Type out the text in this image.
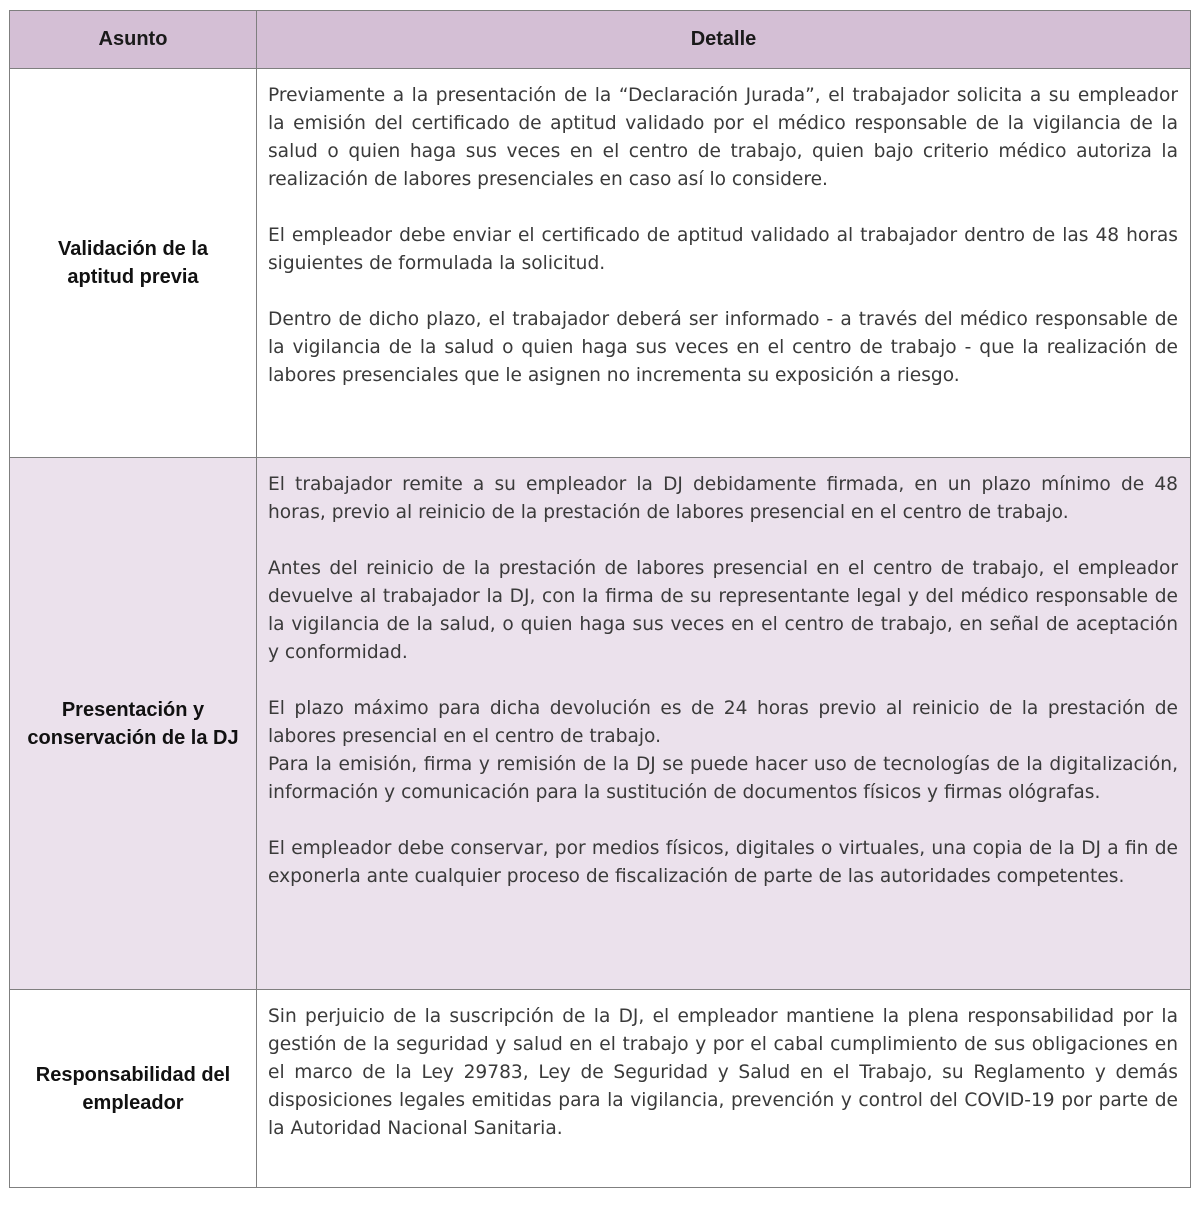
Asunto	Detalle
Validación de la aptitud previa	Previamente a la presentación de la “Declaración Jurada”, el trabajador solicita a su empleador la emisión del certificado de aptitud validado por el médico responsable de la vigilancia de la salud o quien haga sus veces en el centro de trabajo, quien bajo criterio médico autoriza la realización de labores presenciales en caso así lo considere.

El empleador debe enviar el certificado de aptitud validado al trabajador dentro de las 48 horas siguientes de formulada la solicitud.

Dentro de dicho plazo, el trabajador deberá ser informado - a través del médico responsable de la vigilancia de la salud o quien haga sus veces en el centro de trabajo - que la realización de labores presenciales que le asignen no incrementa su exposición a riesgo.

Presentación y conservación de la DJ	El trabajador remite a su empleador la DJ debidamente firmada, en un plazo mínimo de 48 horas, previo al reinicio de la prestación de labores presencial en el centro de trabajo.

Antes del reinicio de la prestación de labores presencial en el centro de trabajo, el empleador devuelve al trabajador la DJ, con la firma de su representante legal y del médico responsable de la vigilancia de la salud, o quien haga sus veces en el centro de trabajo, en señal de aceptación y conformidad.

El plazo máximo para dicha devolución es de 24 horas previo al reinicio de la prestación de labores presencial en el centro de trabajo.

Para la emisión, firma y remisión de la DJ se puede hacer uso de tecnologías de la digitalización, información y comunicación para la sustitución de documentos físicos y firmas ológrafas.

El empleador debe conservar, por medios físicos, digitales o virtuales, una copia de la DJ a fin de exponerla ante cualquier proceso de fiscalización de parte de las autoridades competentes.

Responsabilidad del empleador	Sin perjuicio de la suscripción de la DJ, el empleador mantiene la plena responsabilidad por la gestión de la seguridad y salud en el trabajo y por el cabal cumplimiento de sus obligaciones en el marco de la Ley 29783, Ley de Seguridad y Salud en el Trabajo, su Reglamento y demás disposiciones legales emitidas para la vigilancia, prevención y control del COVID-19 por parte de la Autoridad Nacional Sanitaria.
